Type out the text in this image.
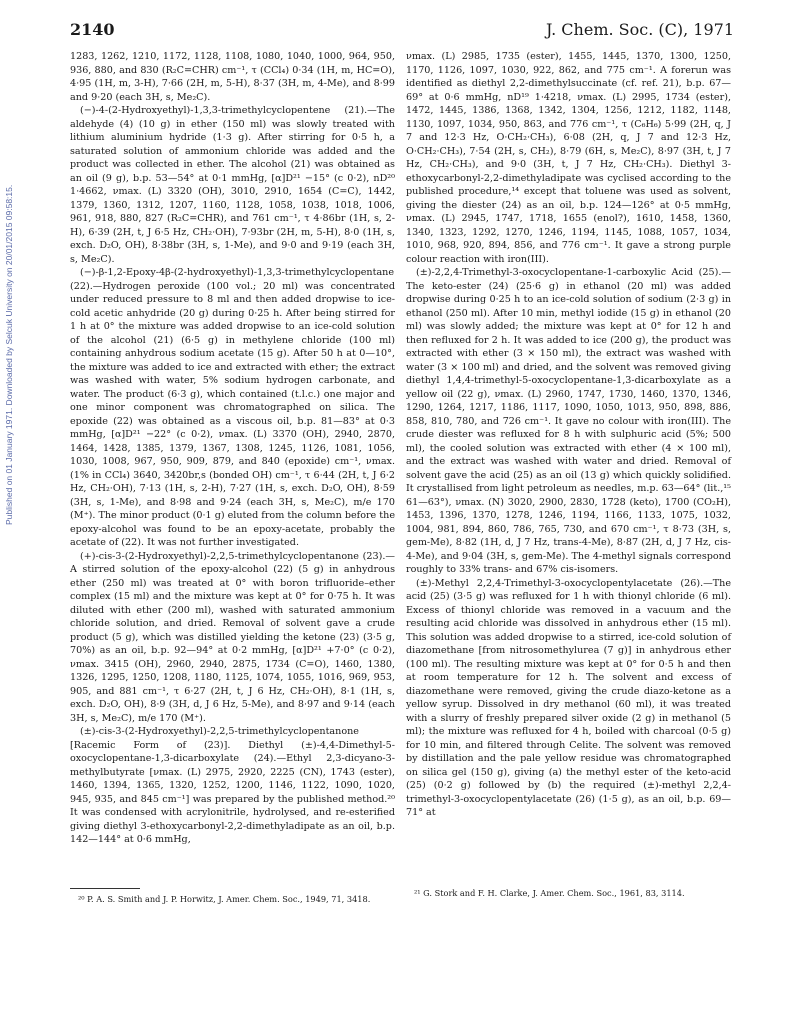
2140	J. Chem. Soc. (C), 1971
Published on 01 January 1971. Downloaded by Selcuk University on 20/01/2015 09:58:15.

1283, 1262, 1210, 1172, 1128, 1108, 1080, 1040, 1000, 964, 950, 936, 880, and 830 (R₂C=CHR) cm⁻¹, τ (CCl₄) 0·34 (1H, m, HC=O), 4·95 (1H, m, 3-H), 7·66 (2H, m, 5-H), 8·37 (3H, m, 4-Me), and 8·99 and 9·20 (each 3H, s, Me₂C).

(−)-4-(2-Hydroxyethyl)-1,3,3-trimethylcyclopentene (21).—The aldehyde (4) (10 g) in ether (150 ml) was slowly treated with lithium aluminium hydride (1·3 g). After stirring for 0·5 h, a saturated solution of ammonium chloride was added and the product was collected in ether. The alcohol (21) was obtained as an oil (9 g), b.p. 53—54° at 0·1 mmHg, [α]D²¹ −15° (c 0·2), nD²⁰ 1·4662, νmax. (L) 3320 (OH), 3010, 2910, 1654 (C=C), 1442, 1379, 1360, 1312, 1207, 1160, 1128, 1058, 1038, 1018, 1006, 961, 918, 880, 827 (R₂C=CHR), and 761 cm⁻¹, τ 4·86br (1H, s, 2-H), 6·39 (2H, t, J 6·5 Hz, CH₂·OH), 7·93br (2H, m, 5-H), 8·0 (1H, s, exch. D₂O, OH), 8·38br (3H, s, 1-Me), and 9·0 and 9·19 (each 3H, s, Me₂C).

(−)-β-1,2-Epoxy-4β-(2-hydroxyethyl)-1,3,3-trimethylcyclopentane (22).—Hydrogen peroxide (100 vol.; 20 ml) was concentrated under reduced pressure to 8 ml and then added dropwise to ice-cold acetic anhydride (20 g) during 0·25 h. After being stirred for 1 h at 0° the mixture was added dropwise to an ice-cold solution of the alcohol (21) (6·5 g) in methylene chloride (100 ml) containing anhydrous sodium acetate (15 g). After 50 h at 0—10°, the mixture was added to ice and extracted with ether; the extract was washed with water, 5% sodium hydrogen carbonate, and water. The product (6·3 g), which contained (t.l.c.) one major and one minor component was chromatographed on silica. The epoxide (22) was obtained as a viscous oil, b.p. 81—83° at 0·3 mmHg, [α]D²¹ −22° (c 0·2), νmax. (L) 3370 (OH), 2940, 2870, 1464, 1428, 1385, 1379, 1367, 1308, 1245, 1126, 1081, 1056, 1030, 1008, 967, 950, 909, 879, and 840 (epoxide) cm⁻¹, νmax. (1% in CCl₄) 3640, 3420br,s (bonded OH) cm⁻¹, τ 6·44 (2H, t, J 6·2 Hz, CH₂·OH), 7·13 (1H, s, 2-H), 7·27 (1H, s, exch. D₂O, OH), 8·59 (3H, s, 1-Me), and 8·98 and 9·24 (each 3H, s, Me₂C), m/e 170 (M⁺). The minor product (0·1 g) eluted from the column before the epoxy-alcohol was found to be an epoxy-acetate, probably the acetate of (22). It was not further investigated.

(+)-cis-3-(2-Hydroxyethyl)-2,2,5-trimethylcyclopentanone (23).—A stirred solution of the epoxy-alcohol (22) (5 g) in anhydrous ether (250 ml) was treated at 0° with boron trifluoride–ether complex (15 ml) and the mixture was kept at 0° for 0·75 h. It was diluted with ether (200 ml), washed with saturated ammonium chloride solution, and dried. Removal of solvent gave a crude product (5 g), which was distilled yielding the ketone (23) (3·5 g, 70%) as an oil, b.p. 92—94° at 0·2 mmHg, [α]D²¹ +7·0° (c 0·2), νmax. 3415 (OH), 2960, 2940, 2875, 1734 (C=O), 1460, 1380, 1326, 1295, 1250, 1208, 1180, 1125, 1074, 1055, 1016, 969, 953, 905, and 881 cm⁻¹, τ 6·27 (2H, t, J 6 Hz, CH₂·OH), 8·1 (1H, s, exch. D₂O, OH), 8·9 (3H, d, J 6 Hz, 5-Me), and 8·97 and 9·14 (each 3H, s, Me₂C), m/e 170 (M⁺).

(±)-cis-3-(2-Hydroxyethyl)-2,2,5-trimethylcyclopentanone [Racemic Form of (23)]. Diethyl (±)-4,4-Dimethyl-5-oxocyclopentane-1,3-dicarboxylate (24).—Ethyl 2,3-dicyano-3-methylbutyrate [νmax. (L) 2975, 2920, 2225 (CN), 1743 (ester), 1460, 1394, 1365, 1320, 1252, 1200, 1146, 1122, 1090, 1020, 945, 935, and 845 cm⁻¹] was prepared by the published method.²⁰ It was condensed with acrylonitrile, hydrolysed, and re-esterified giving diethyl 3-ethoxycarbonyl-2,2-dimethyladipate as an oil, b.p. 142—144° at 0·6 mmHg,

νmax. (L) 2985, 1735 (ester), 1455, 1445, 1370, 1300, 1250, 1170, 1126, 1097, 1030, 922, 862, and 775 cm⁻¹. A forerun was identified as diethyl 2,2-dimethylsuccinate (cf. ref. 21), b.p. 67—69° at 0·6 mmHg, nD¹⁹ 1·4218, νmax. (L) 2995, 1734 (ester), 1472, 1445, 1386, 1368, 1342, 1304, 1256, 1212, 1182, 1148, 1130, 1097, 1034, 950, 863, and 776 cm⁻¹, τ (C₆H₆) 5·99 (2H, q, J 7 and 12·3 Hz, O·CH₂·CH₃), 6·08 (2H, q, J 7 and 12·3 Hz, O·CH₂·CH₃), 7·54 (2H, s, CH₂), 8·79 (6H, s, Me₂C), 8·97 (3H, t, J 7 Hz, CH₂·CH₃), and 9·0 (3H, t, J 7 Hz, CH₂·CH₃). Diethyl 3-ethoxycarbonyl-2,2-dimethyladipate was cyclised according to the published procedure,¹⁴ except that toluene was used as solvent, giving the diester (24) as an oil, b.p. 124—126° at 0·5 mmHg, νmax. (L) 2945, 1747, 1718, 1655 (enol?), 1610, 1458, 1360, 1340, 1323, 1292, 1270, 1246, 1194, 1145, 1088, 1057, 1034, 1010, 968, 920, 894, 856, and 776 cm⁻¹. It gave a strong purple colour reaction with iron(III).

(±)-2,2,4-Trimethyl-3-oxocyclopentane-1-carboxylic Acid (25).—The keto-ester (24) (25·6 g) in ethanol (20 ml) was added dropwise during 0·25 h to an ice-cold solution of sodium (2·3 g) in ethanol (250 ml). After 10 min, methyl iodide (15 g) in ethanol (20 ml) was slowly added; the mixture was kept at 0° for 12 h and then refluxed for 2 h. It was added to ice (200 g), the product was extracted with ether (3 × 150 ml), the extract was washed with water (3 × 100 ml) and dried, and the solvent was removed giving diethyl 1,4,4-trimethyl-5-oxocyclopentane-1,3-dicarboxylate as a yellow oil (22 g), νmax. (L) 2960, 1747, 1730, 1460, 1370, 1346, 1290, 1264, 1217, 1186, 1117, 1090, 1050, 1013, 950, 898, 886, 858, 810, 780, and 726 cm⁻¹. It gave no colour with iron(III). The crude diester was refluxed for 8 h with sulphuric acid (5%; 500 ml), the cooled solution was extracted with ether (4 × 100 ml), and the extract was washed with water and dried. Removal of solvent gave the acid (25) as an oil (13 g) which quickly solidified. It crystallised from light petroleum as needles, m.p. 63—64° (lit.,¹⁵ 61—63°), νmax. (N) 3020, 2900, 2830, 1728 (keto), 1700 (CO₂H), 1453, 1396, 1370, 1278, 1246, 1194, 1166, 1133, 1075, 1032, 1004, 981, 894, 860, 786, 765, 730, and 670 cm⁻¹, τ 8·73 (3H, s, gem-Me), 8·82 (1H, d, J 7 Hz, trans-4-Me), 8·87 (2H, d, J 7 Hz, cis-4-Me), and 9·04 (3H, s, gem-Me). The 4-methyl signals correspond roughly to 33% trans- and 67% cis-isomers.

(±)-Methyl 2,2,4-Trimethyl-3-oxocyclopentylacetate (26).—The acid (25) (3·5 g) was refluxed for 1 h with thionyl chloride (6 ml). Excess of thionyl chloride was removed in a vacuum and the resulting acid chloride was dissolved in anhydrous ether (15 ml). This solution was added dropwise to a stirred, ice-cold solution of diazomethane [from nitrosomethylurea (7 g)] in anhydrous ether (100 ml). The resulting mixture was kept at 0° for 0·5 h and then at room temperature for 12 h. The solvent and excess of diazomethane were removed, giving the crude diazo-ketone as a yellow syrup. Dissolved in dry methanol (60 ml), it was treated with a slurry of freshly prepared silver oxide (2 g) in methanol (5 ml); the mixture was refluxed for 4 h, boiled with charcoal (0·5 g) for 10 min, and filtered through Celite. The solvent was removed by distillation and the pale yellow residue was chromatographed on silica gel (150 g), giving (a) the methyl ester of the keto-acid (25) (0·2 g) followed by (b) the required (±)-methyl 2,2,4-trimethyl-3-oxocyclopentylacetate (26) (1·5 g), as an oil, b.p. 69—71° at

²⁰ P. A. S. Smith and J. P. Horwitz, J. Amer. Chem. Soc., 1949, 71, 3418.

²¹ G. Stork and F. H. Clarke, J. Amer. Chem. Soc., 1961, 83, 3114.
